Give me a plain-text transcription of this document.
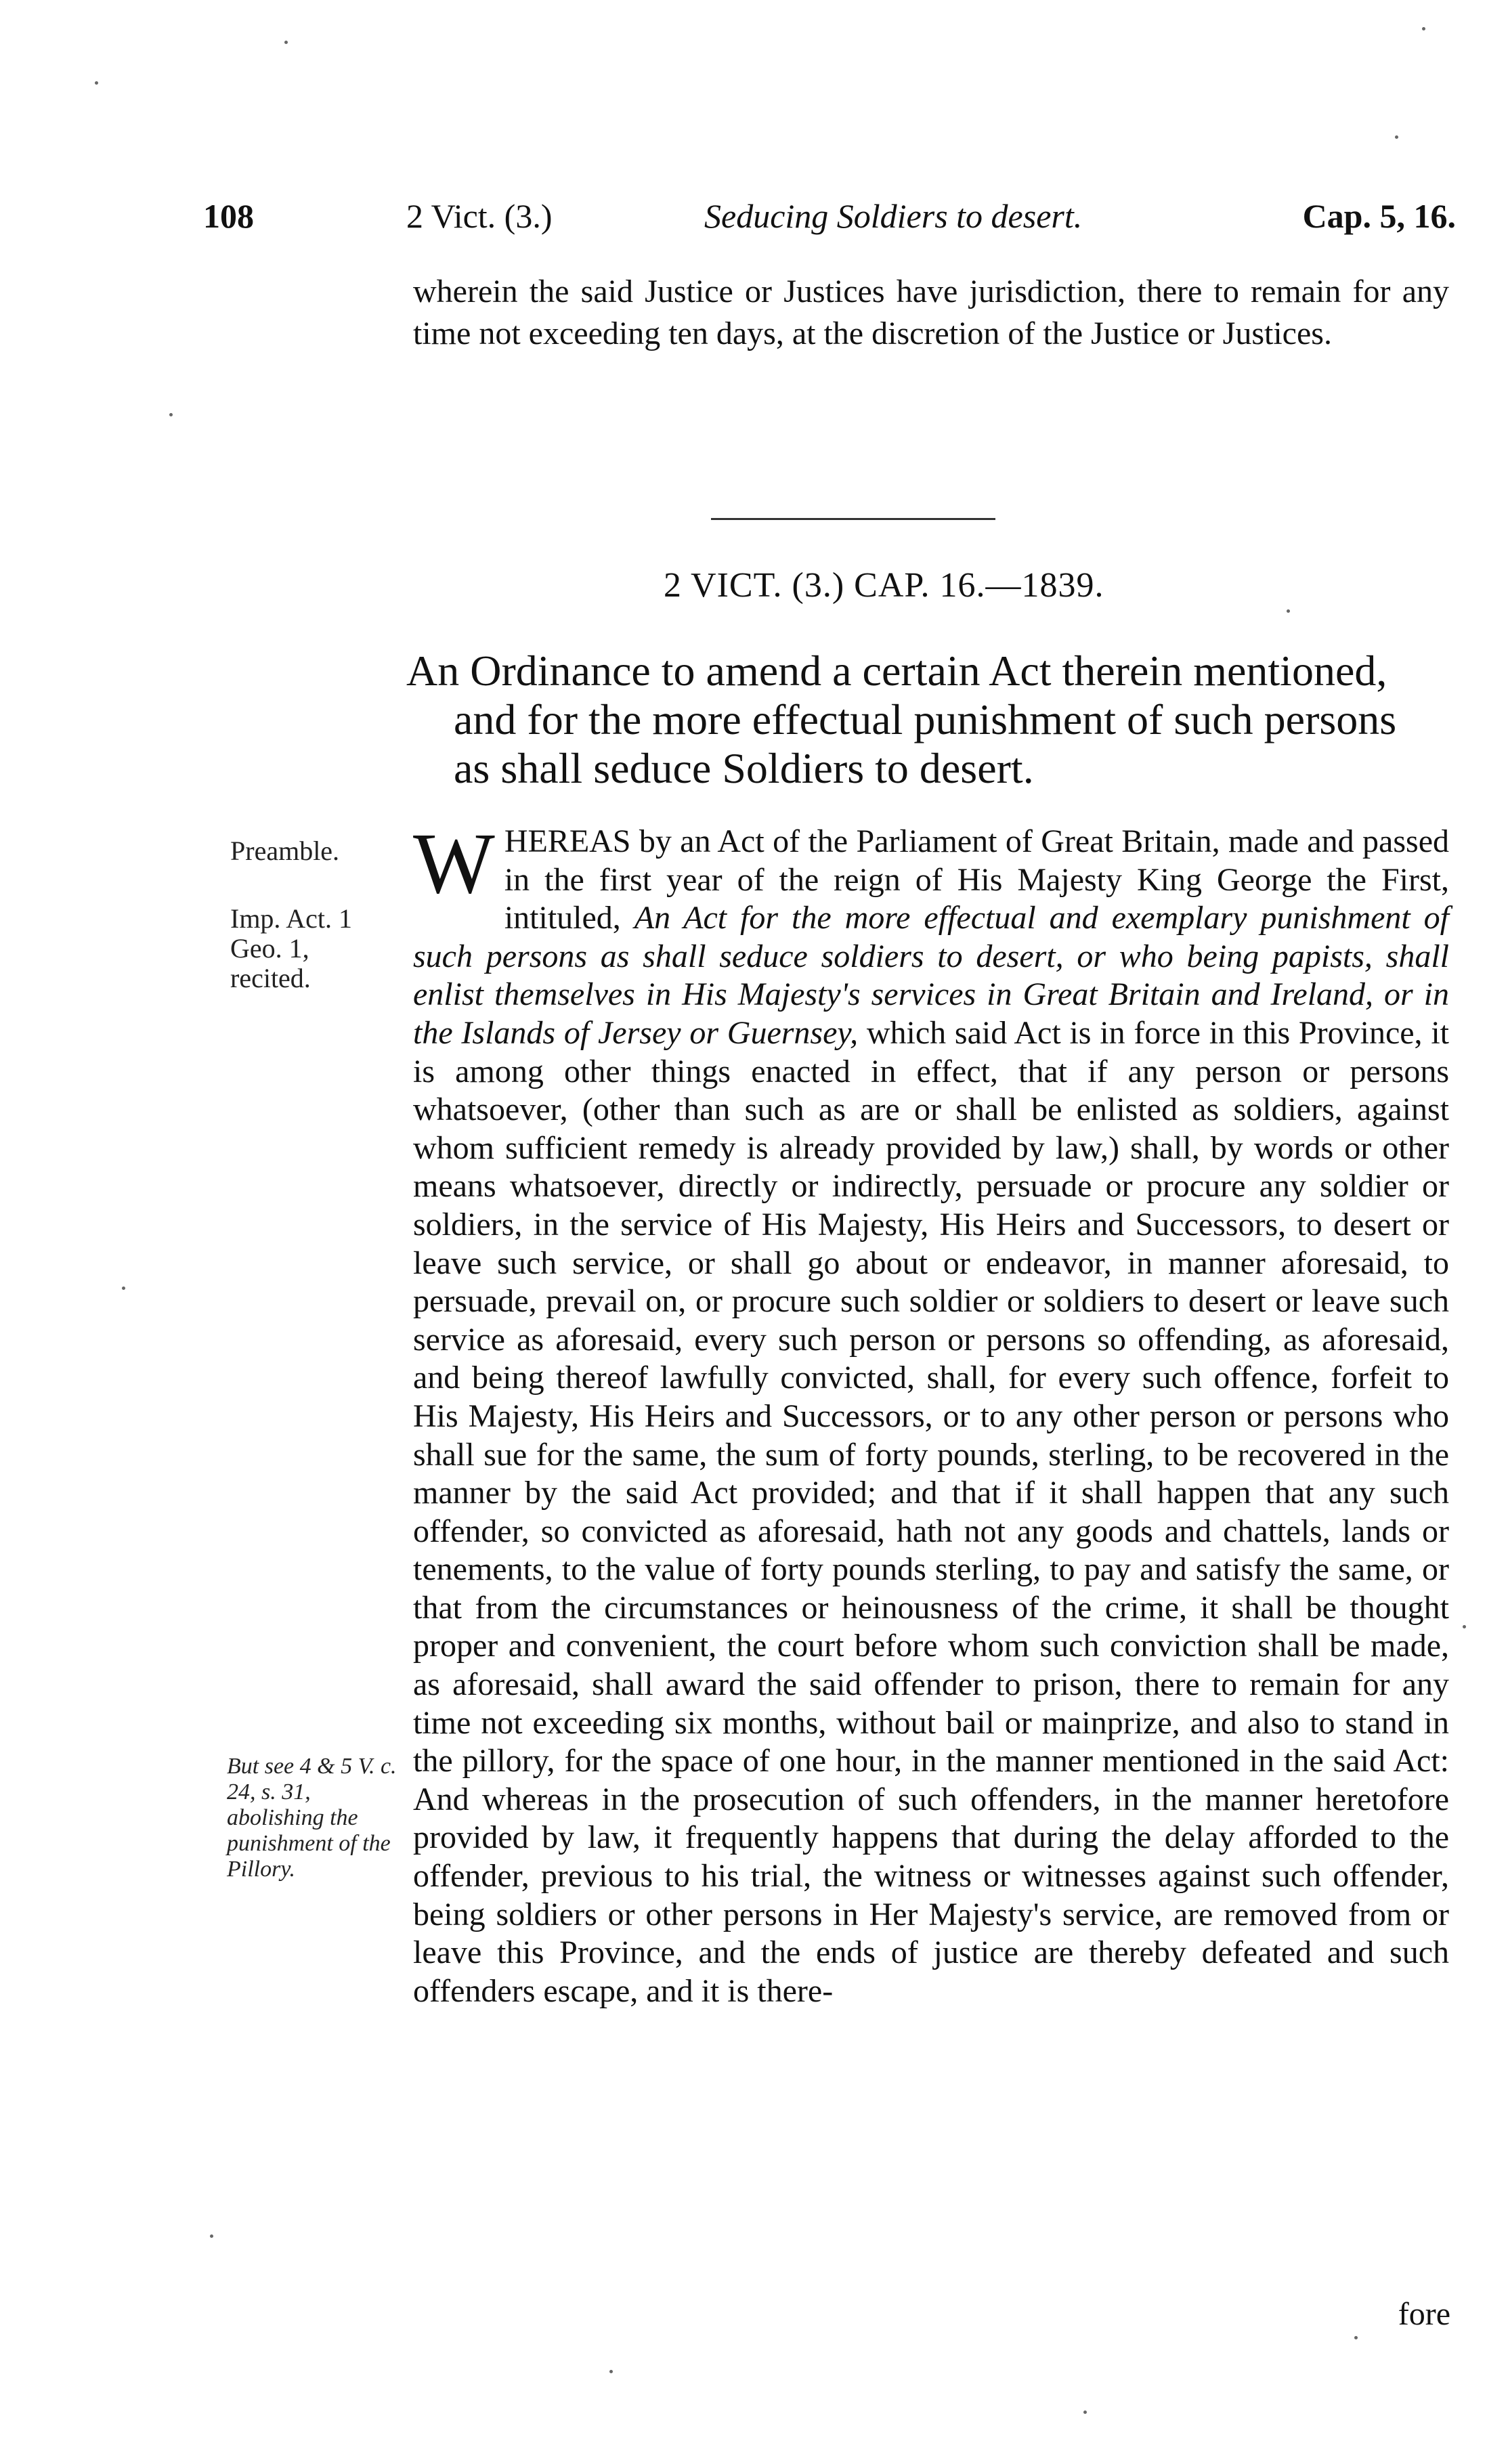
108	2 Vict. (3.)	Seducing Soldiers to desert.	Cap. 5, 16.
wherein the said Justice or Justices have jurisdiction, there to remain for any time not exceeding ten days, at the discretion of the Justice or Justices.
2 VICT. (3.) CAP. 16.—1839.
An Ordinance to amend a certain Act therein mentioned,
and for the more effectual punishment of such persons
as shall seduce Soldiers to desert.
Preamble.
Imp. Act. 1 Geo. 1, recited.
But see 4 & 5 V. c. 24, s. 31, abolishing the punishment of the Pillory.
WHEREAS by an Act of the Parliament of Great Britain, made and passed in the first year of the reign of His Majesty King George the First, intituled, An Act for the more effectual and exemplary punishment of such persons as shall seduce soldiers to desert, or who being papists, shall enlist themselves in His Majesty's services in Great Britain and Ireland, or in the Islands of Jersey or Guernsey, which said Act is in force in this Province, it is among other things enacted in effect, that if any person or persons whatsoever, (other than such as are or shall be enlisted as soldiers, against whom sufficient remedy is already provided by law,) shall, by words or other means whatsoever, directly or indirectly, persuade or procure any soldier or soldiers, in the service of His Majesty, His Heirs and Successors, to desert or leave such service, or shall go about or endeavor, in manner aforesaid, to persuade, prevail on, or procure such soldier or soldiers to desert or leave such service as aforesaid, every such person or persons so offending, as aforesaid, and being thereof lawfully convicted, shall, for every such offence, forfeit to His Majesty, His Heirs and Successors, or to any other person or persons who shall sue for the same, the sum of forty pounds, sterling, to be recovered in the manner by the said Act provided; and that if it shall happen that any such offender, so convicted as aforesaid, hath not any goods and chattels, lands or tenements, to the value of forty pounds sterling, to pay and satisfy the same, or that from the circumstances or heinousness of the crime, it shall be thought proper and convenient, the court before whom such conviction shall be made, as aforesaid, shall award the said offender to prison, there to remain for any time not exceeding six months, without bail or mainprize, and also to stand in the pillory, for the space of one hour, in the manner mentioned in the said Act: And whereas in the prosecution of such offenders, in the manner heretofore provided by law, it frequently happens that during the delay afforded to the offender, previous to his trial, the witness or witnesses against such offender, being soldiers or other persons in Her Majesty's service, are removed from or leave this Province, and the ends of justice are thereby defeated and such offenders escape, and it is there-
fore
